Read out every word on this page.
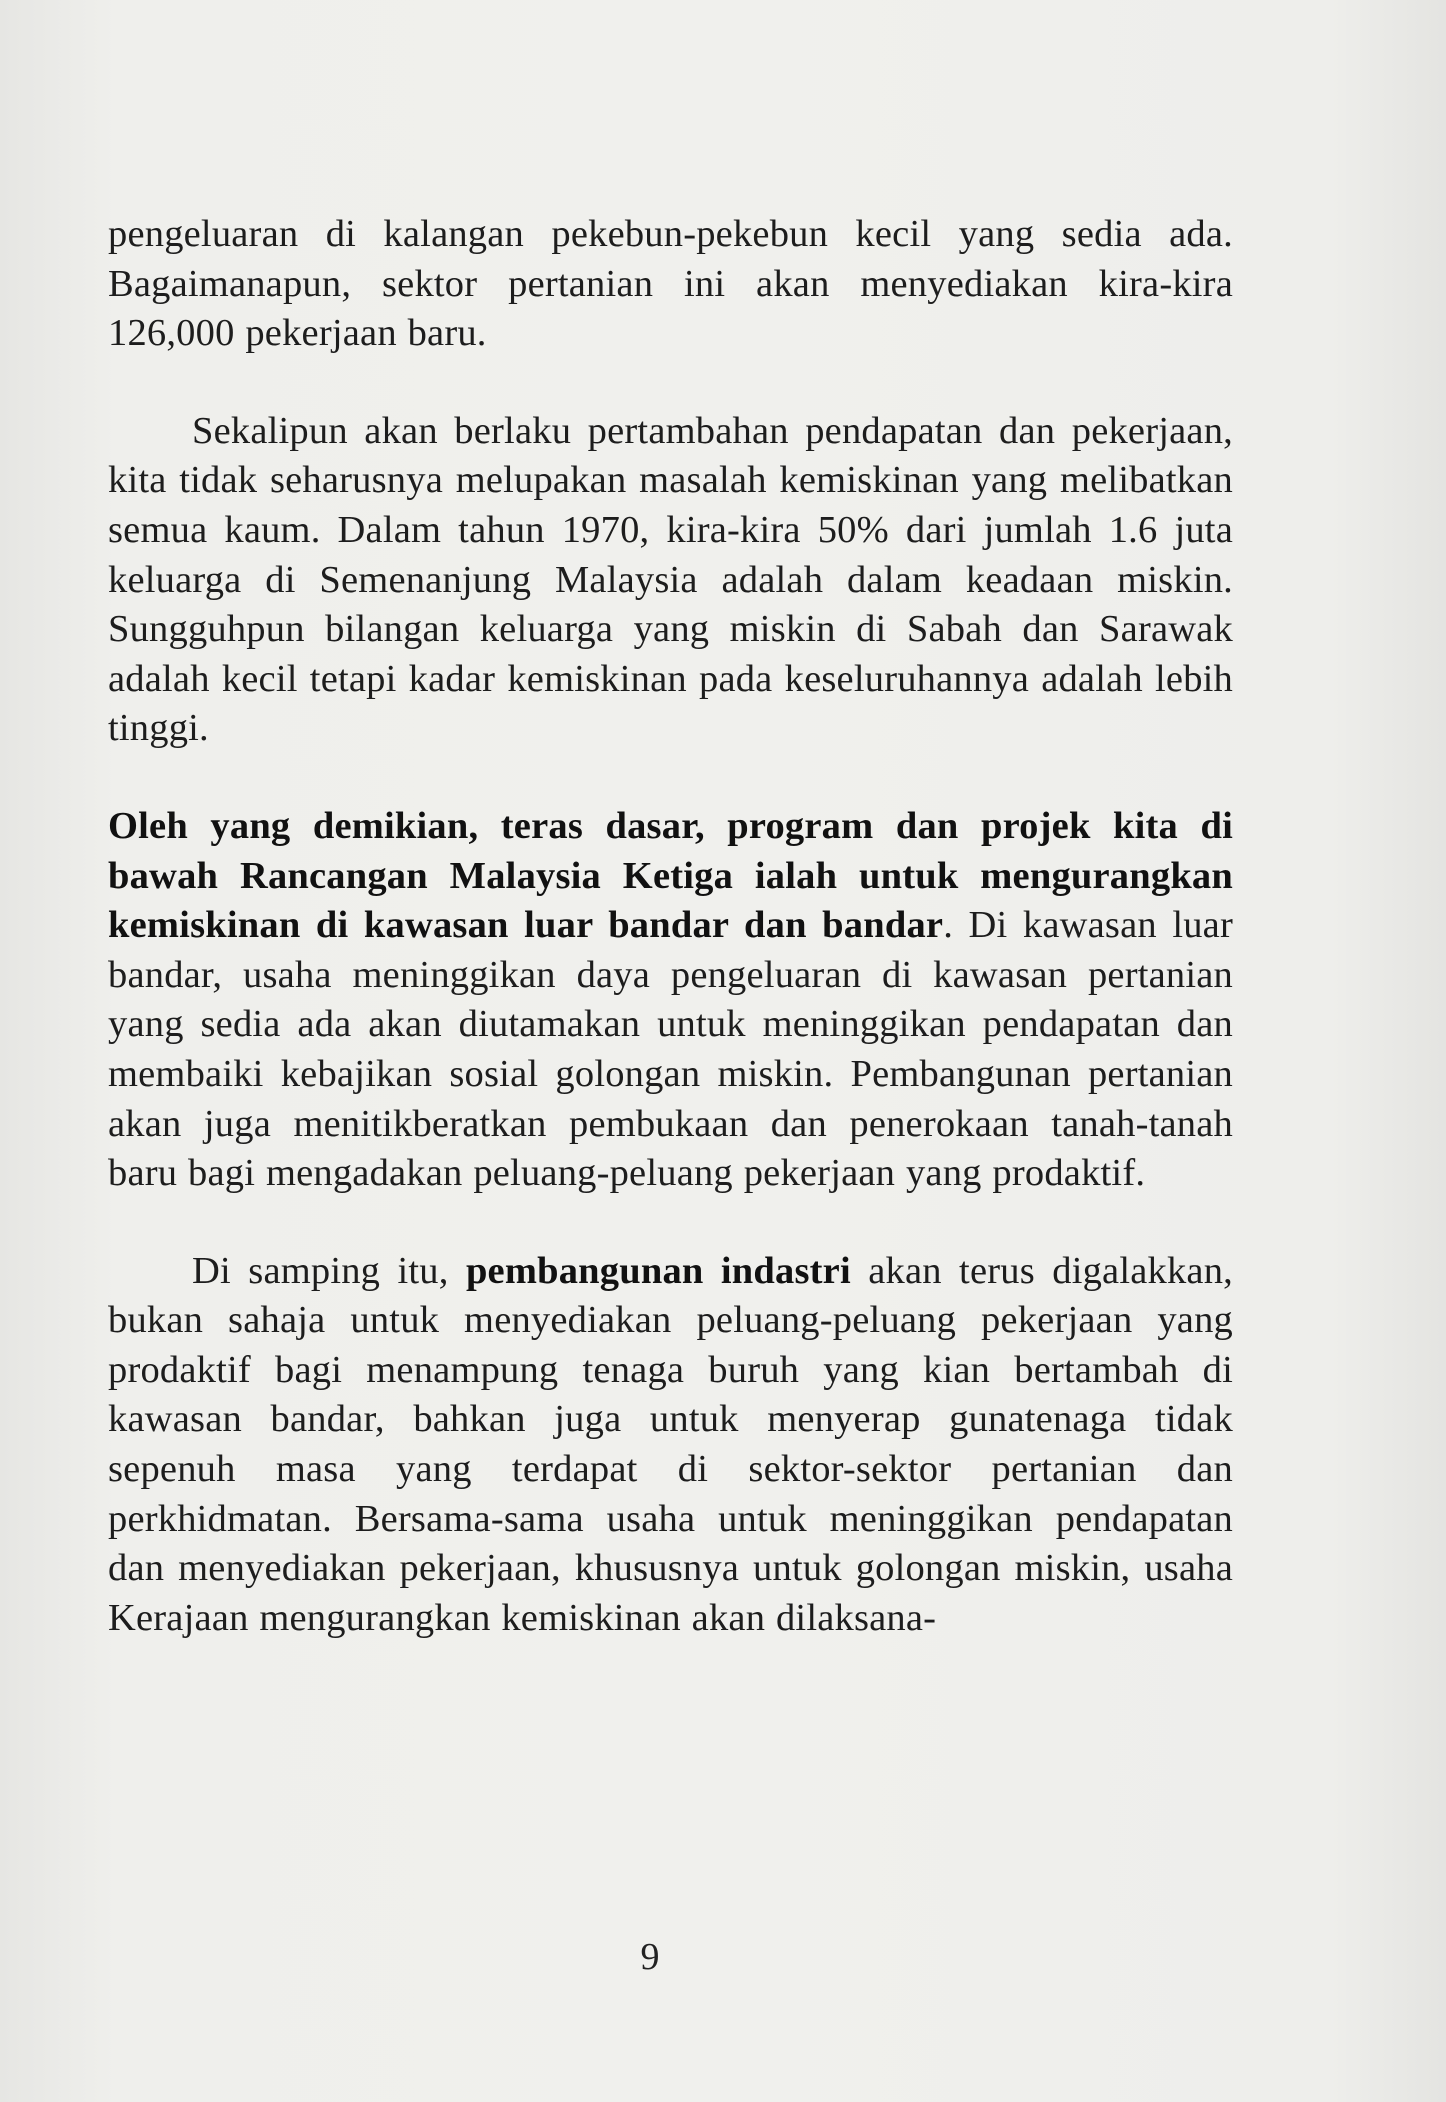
pengeluaran di kalangan pekebun-pekebun kecil yang sedia ada. Bagaimanapun, sektor pertanian ini akan menyediakan kira-kira 126,000 pekerjaan baru.

Sekalipun akan berlaku pertambahan pendapatan dan pekerjaan, kita tidak seharusnya melupakan masalah kemiskinan yang melibatkan semua kaum. Dalam tahun 1970, kira-kira 50% dari jumlah 1.6 juta keluarga di Semenanjung Malaysia adalah dalam keadaan miskin. Sungguhpun bilangan keluarga yang miskin di Sabah dan Sarawak adalah kecil tetapi kadar kemiskinan pada keseluruhannya adalah lebih tinggi.

Oleh yang demikian, teras dasar, program dan projek kita di bawah Rancangan Malaysia Ketiga ialah untuk mengurangkan kemiskinan di kawasan luar bandar dan bandar. Di kawasan luar bandar, usaha meninggikan daya pengeluaran di kawasan pertanian yang sedia ada akan diutamakan untuk meninggikan pendapatan dan membaiki kebajikan sosial golongan miskin. Pembangunan pertanian akan juga menitikberatkan pembukaan dan penerokaan tanah-tanah baru bagi mengadakan peluang-peluang pekerjaan yang prodaktif.

Di samping itu, pembangunan indastri akan terus digalakkan, bukan sahaja untuk menyediakan peluang-peluang pekerjaan yang prodaktif bagi menampung tenaga buruh yang kian bertambah di kawasan bandar, bahkan juga untuk menyerap gunatenaga tidak sepenuh masa yang terdapat di sektor-sektor pertanian dan perkhidmatan. Bersama-sama usaha untuk meninggikan pendapatan dan menyediakan pekerjaan, khususnya untuk golongan miskin, usaha Kerajaan mengurangkan kemiskinan akan dilaksana-

9
